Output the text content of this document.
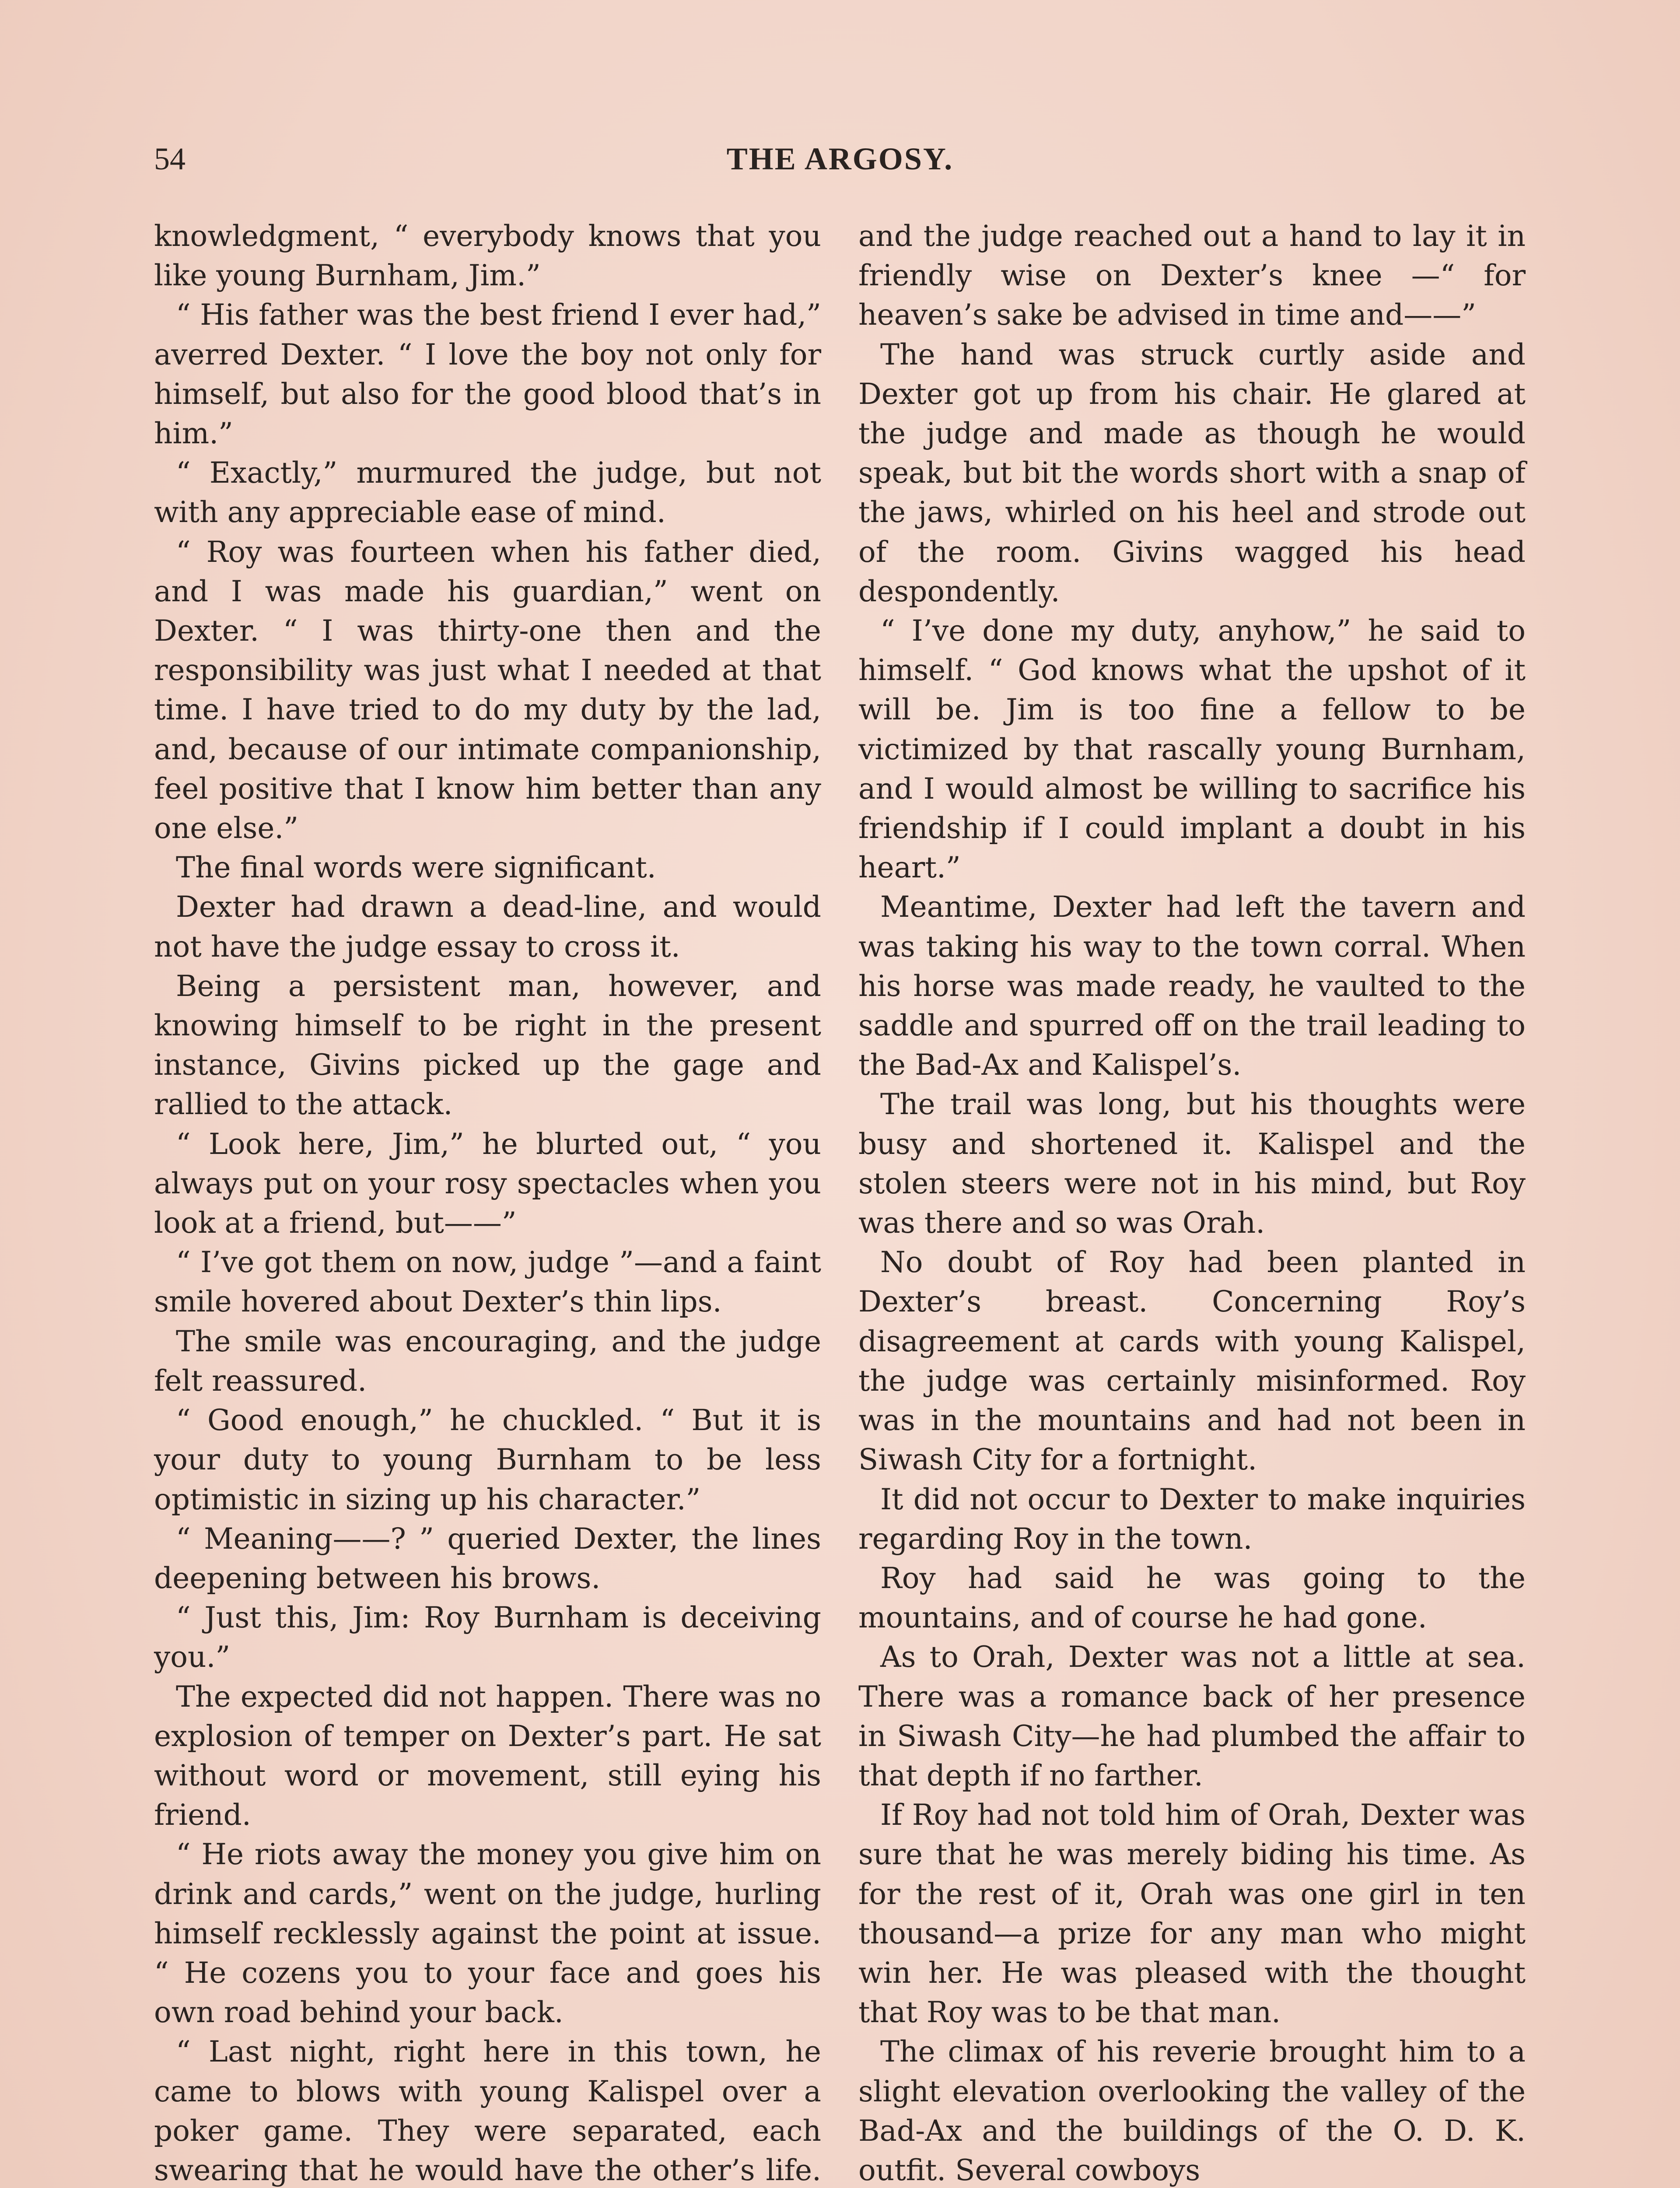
54	THE ARGOSY.

knowledgment, “ everybody knows that you like young Burnham, Jim.”

“ His father was the best friend I ever had,” averred Dexter. “ I love the boy not only for himself, but also for the good blood that’s in him.”

“ Exactly,” murmured the judge, but not with any appreciable ease of mind.

“ Roy was fourteen when his father died, and I was made his guardian,” went on Dexter. “ I was thirty-one then and the responsibility was just what I needed at that time. I have tried to do my duty by the lad, and, because of our intimate companionship, feel positive that I know him better than any one else.”

The final words were significant.

Dexter had drawn a dead-line, and would not have the judge essay to cross it.

Being a persistent man, however, and knowing himself to be right in the present instance, Givins picked up the gage and rallied to the attack.

“ Look here, Jim,” he blurted out, “ you always put on your rosy spectacles when you look at a friend, but——”

“ I’ve got them on now, judge ”—and a faint smile hovered about Dexter’s thin lips.

The smile was encouraging, and the judge felt reassured.

“ Good enough,” he chuckled. “ But it is your duty to young Burnham to be less optimistic in sizing up his character.”

“ Meaning——? ” queried Dexter, the lines deepening between his brows.

“ Just this, Jim: Roy Burnham is deceiving you.”

The expected did not happen. There was no explosion of temper on Dexter’s part. He sat without word or movement, still eying his friend.

“ He riots away the money you give him on drink and cards,” went on the judge, hurling himself recklessly against the point at issue. “ He cozens you to your face and goes his own road behind your back.

“ Last night, right here in this town, he came to blows with young Kalispel over a poker game. They were separated, each swearing that he would have the other’s life.

and the judge reached out a hand to lay it in friendly wise on Dexter’s knee —“ for heaven’s sake be advised in time and——”

The hand was struck curtly aside and Dexter got up from his chair. He glared at the judge and made as though he would speak, but bit the words short with a snap of the jaws, whirled on his heel and strode out of the room. Givins wagged his head despondently.

“ I’ve done my duty, anyhow,” he said to himself. “ God knows what the upshot of it will be. Jim is too fine a fellow to be victimized by that rascally young Burnham, and I would almost be willing to sacrifice his friendship if I could implant a doubt in his heart.”

Meantime, Dexter had left the tavern and was taking his way to the town corral. When his horse was made ready, he vaulted to the saddle and spurred off on the trail leading to the Bad-Ax and Kalispel’s.

The trail was long, but his thoughts were busy and shortened it. Kalispel and the stolen steers were not in his mind, but Roy was there and so was Orah.

No doubt of Roy had been planted in Dexter’s breast. Concerning Roy’s disagreement at cards with young Kalispel, the judge was certainly misinformed. Roy was in the mountains and had not been in Siwash City for a fortnight.

It did not occur to Dexter to make inquiries regarding Roy in the town.

Roy had said he was going to the mountains, and of course he had gone.

As to Orah, Dexter was not a little at sea. There was a romance back of her presence in Siwash City—he had plumbed the affair to that depth if no farther.

If Roy had not told him of Orah, Dexter was sure that he was merely biding his time. As for the rest of it, Orah was one girl in ten thousand—a prize for any man who might win her. He was pleased with the thought that Roy was to be that man.

The climax of his reverie brought him to a slight elevation overlooking the valley of the Bad-Ax and the buildings of the O. D. K. outfit. Several cowboys
